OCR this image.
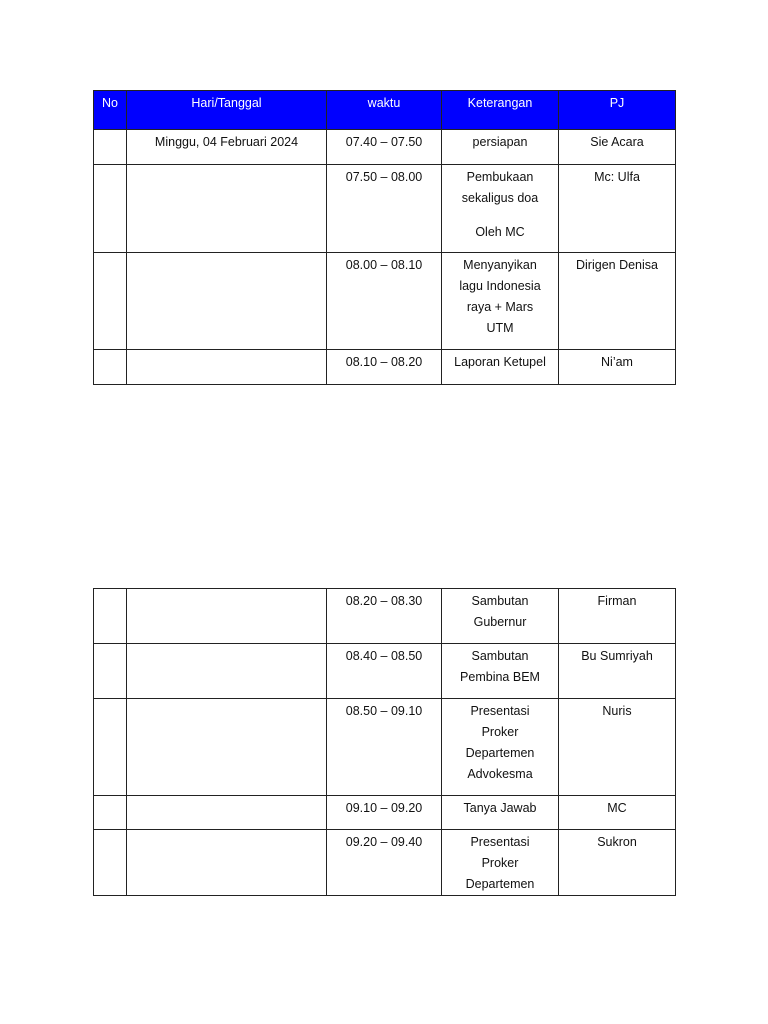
No	Hari/Tanggal	waktu	Keterangan	PJ
	Minggu, 04 Februari 2024	07.40 – 07.50	persiapan	Sie Acara
		07.50 – 08.00	Pembukaan
sekaligus doa
Oleh MC	Mc: Ulfa
		08.00 – 08.10	Menyanyikan
lagu Indonesia
raya + Mars
UTM	Dirigen Denisa
		08.10 – 08.20	Laporan Ketupel	Ni’am
		08.20 – 08.30	Sambutan
Gubernur	Firman
		08.40 – 08.50	Sambutan
Pembina BEM	Bu Sumriyah
		08.50 – 09.10	Presentasi
Proker
Departemen
Advokesma	Nuris
		09.10 – 09.20	Tanya Jawab	MC
		09.20 – 09.40	Presentasi
Proker
Departemen	Sukron
